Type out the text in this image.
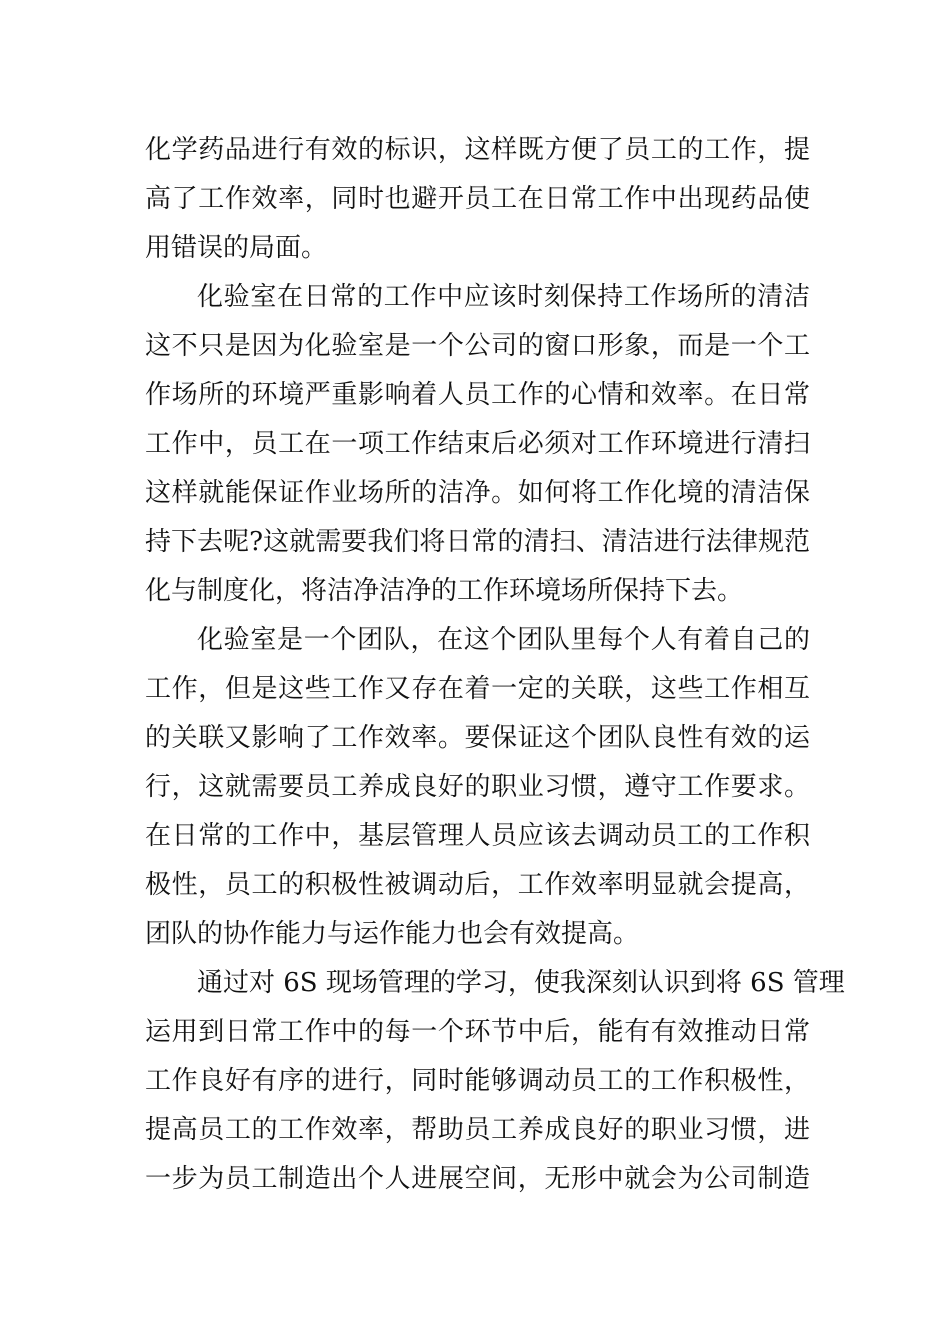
化学药品进行有效的标识，这样既方便了员工的工作，提
高了工作效率，同时也避开员工在日常工作中出现药品使
用错误的局面。
化验室在日常的工作中应该时刻保持工作场所的清洁
这不只是因为化验室是一个公司的窗口形象，而是一个工
作场所的环境严重影响着人员工作的心情和效率。在日常
工作中，员工在一项工作结束后必须对工作环境进行清扫
这样就能保证作业场所的洁净。如何将工作化境的清洁保
持下去呢?这就需要我们将日常的清扫、清洁进行法律规范
化与制度化，将洁净洁净的工作环境场所保持下去。
化验室是一个团队，在这个团队里每个人有着自己的
工作，但是这些工作又存在着一定的关联，这些工作相互
的关联又影响了工作效率。要保证这个团队良性有效的运
行，这就需要员工养成良好的职业习惯，遵守工作要求。
在日常的工作中，基层管理人员应该去调动员工的工作积
极性，员工的积极性被调动后，工作效率明显就会提高，
团队的协作能力与运作能力也会有效提高。
通过对 6S 现场管理的学习，使我深刻认识到将 6S 管理
运用到日常工作中的每一个环节中后，能有有效推动日常
工作良好有序的进行，同时能够调动员工的工作积极性，
提高员工的工作效率，帮助员工养成良好的职业习惯，进
一步为员工制造出个人进展空间，无形中就会为公司制造
